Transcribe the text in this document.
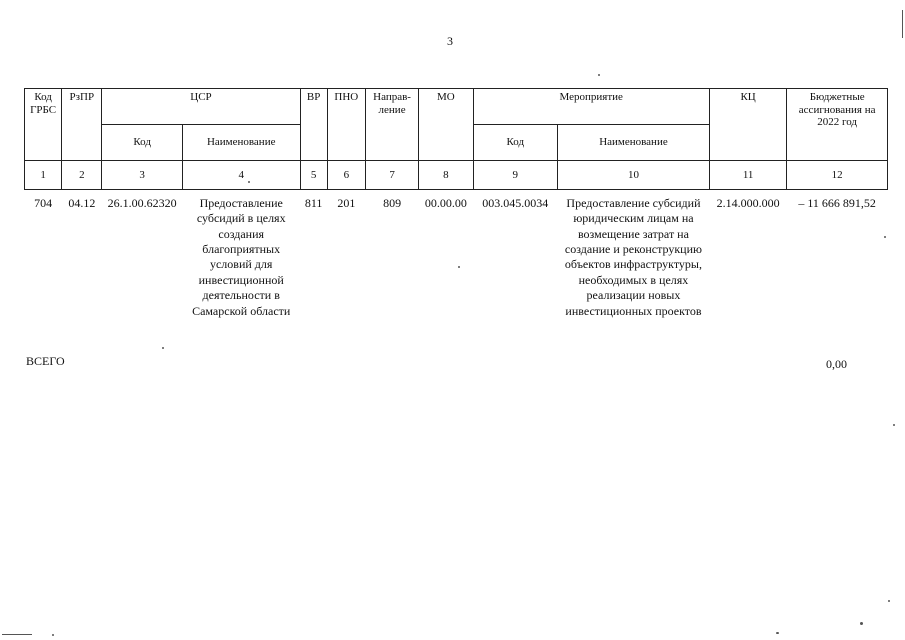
3
Код ГРБС	РзПР	ЦСР		ВР	ПНО	Направ-ление	МО	Мероприятие		КЦ	Бюджетные ассигнования на 2022 год
		Код	Наименование					Код	Наименование		
1	2	3	4	5	6	7	8	9	10	11	12
704	04.12	26.1.00.62320	Предоставление субсидий в целях создания благоприятных условий для инвестиционной деятельности в Самарской области	811	201	809	00.00.00	003.045.0034	Предоставление субсидий юридическим лицам на возмещение затрат на создание и реконструкцию объектов инфраструктуры, необходимых в целях реализации новых инвестиционных проектов	2.14.000.000	– 11 666 891,52
ВСЕГО	0,00
